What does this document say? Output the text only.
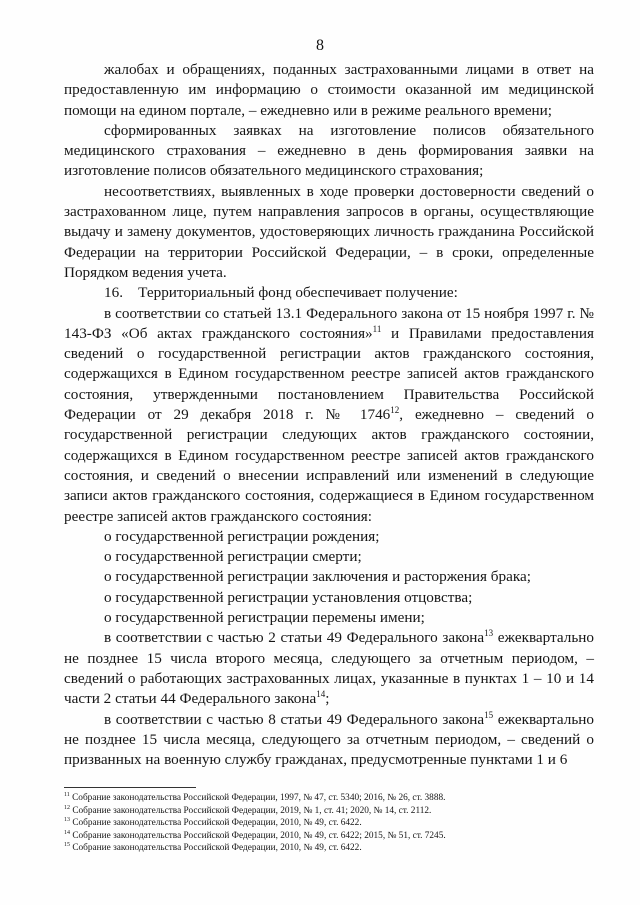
8

жалобах и обращениях, поданных застрахованными лицами в ответ на предоставленную им информацию о стоимости оказанной им медицинской помощи на едином портале, – ежедневно или в режиме реального времени;

сформированных заявках на изготовление полисов обязательного медицинского страхования – ежедневно в день формирования заявки на изготовление полисов обязательного медицинского страхования;

несоответствиях, выявленных в ходе проверки достоверности сведений о застрахованном лице, путем направления запросов в органы, осуществляющие выдачу и замену документов, удостоверяющих личность гражданина Российской Федерации на территории Российской Федерации, – в сроки, определенные Порядком ведения учета.

16.    Территориальный фонд обеспечивает получение:

в соответствии со статьей 13.1 Федерального закона от 15 ноября 1997 г. № 143-ФЗ «Об актах гражданского состояния»$^{11}$ и Правилами предоставления сведений о государственной регистрации актов гражданского состояния, содержащихся в Едином государственном реестре записей актов гражданского состояния, утвержденными постановлением Правительства Российской Федерации от 29 декабря 2018 г. № 1746$^{12}$, ежедневно – сведений о государственной регистрации следующих актов гражданского состоянии, содержащихся в Едином государственном реестре записей актов гражданского состояния, и сведений о внесении исправлений или изменений в следующие записи актов гражданского состояния, содержащиеся в Едином государственном реестре записей актов гражданского состояния:

о государственной регистрации рождения;

о государственной регистрации смерти;

о государственной регистрации заключения и расторжения брака;

о государственной регистрации установления отцовства;

о государственной регистрации перемены имени;

в соответствии с частью 2 статьи 49 Федерального закона$^{13}$ ежеквартально не позднее 15 числа второго месяца, следующего за отчетным периодом, – сведений о работающих застрахованных лицах, указанные в пунктах 1 – 10 и 14 части 2 статьи 44 Федерального закона$^{14}$;

в соответствии с частью 8 статьи 49 Федерального закона$^{15}$ ежеквартально не позднее 15 числа месяца, следующего за отчетным периодом, – сведений о призванных на военную службу гражданах, предусмотренные пунктами 1 и 6

$^{11}$ Собрание законодательства Российской Федерации, 1997, № 47, ст. 5340; 2016, № 26, ст. 3888.
$^{12}$ Собрание законодательства Российской Федерации, 2019, № 1, ст. 41; 2020, № 14, ст. 2112.
$^{13}$ Собрание законодательства Российской Федерации, 2010, № 49, ст. 6422.
$^{14}$ Собрание законодательства Российской Федерации, 2010, № 49, ст. 6422; 2015, № 51, ст. 7245.
$^{15}$ Собрание законодательства Российской Федерации, 2010, № 49, ст. 6422.
